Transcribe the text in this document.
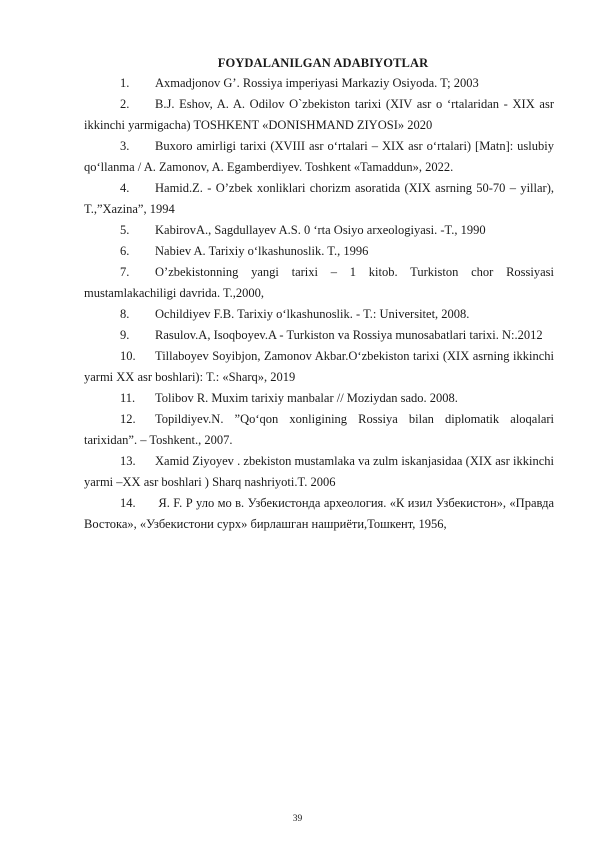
FOYDALANILGAN ADABIYOTLAR

1. Axmadjonov G’. Rossiya imperiyasi Markaziy Osiyoda. T; 2003

2. B.J. Eshov, A. A. Odilov O`zbekiston tarixi (XIV asr o ‘rtalaridan - XIX asr ikkinchi yarmigacha) TOSHKENT «DONISHMAND ZIYOSI» 2020

3. Buxoro amirligi tarixi (XVIII asr o‘rtalari – XIX asr o‘rtalari) [Matn]: uslubiy qo‘llanma / A. Zamonov, A. Egamberdiyev. Toshkent «Tamaddun», 2022.

4. Hamid.Z. - O’zbek xonliklari chorizm asoratida (XIX asrning 50-70 – yillar), T.,”Xazina”, 1994

5. KabirovA., Sagdullayev A.S. 0 ‘rta Osiyo arxeologiyasi. -T., 1990

6. Nabiev A. Tarixiy o‘lkashunoslik. T., 1996

7. O’zbekistonning yangi tarixi – 1 kitob. Turkiston chor Rossiyasi mustamlakachiligi davrida. T.,2000,

8. Ochildiyev F.B. Tarixiy o‘lkashunoslik. - T.: Universitet, 2008.

9. Rasulov.A, Isoqboyev.A - Turkiston va Rossiya munosabatlari tarixi. N:.2012

10. Tillaboyev Soyibjon, Zamonov Akbar.O‘zbekiston tarixi (XIX asrning ikkinchi yarmi XX asr boshlari): T.: «Sharq», 2019

11. Tolibov R. Muxim tarixiy manbalar // Moziydan sado. 2008.

12. Topildiyev.N. ”Qo‘qon xonligining Rossiya bilan diplomatik aloqalari tarixidan”. – Toshkent., 2007.

13. Xamid Ziyoyev . zbekiston mustamlaka va zulm iskanjasidaa (XIX asr ikkinchi yarmi –XX asr boshlari ) Sharq nashriyoti.T. 2006

14. Я. F. Р уло мо в. Узбекистонда археология. «К изил Узбекистон», «Правда Востока», «Узбекистони сурх» бирлашган нашриёти,Тошкент, 1956,

39
